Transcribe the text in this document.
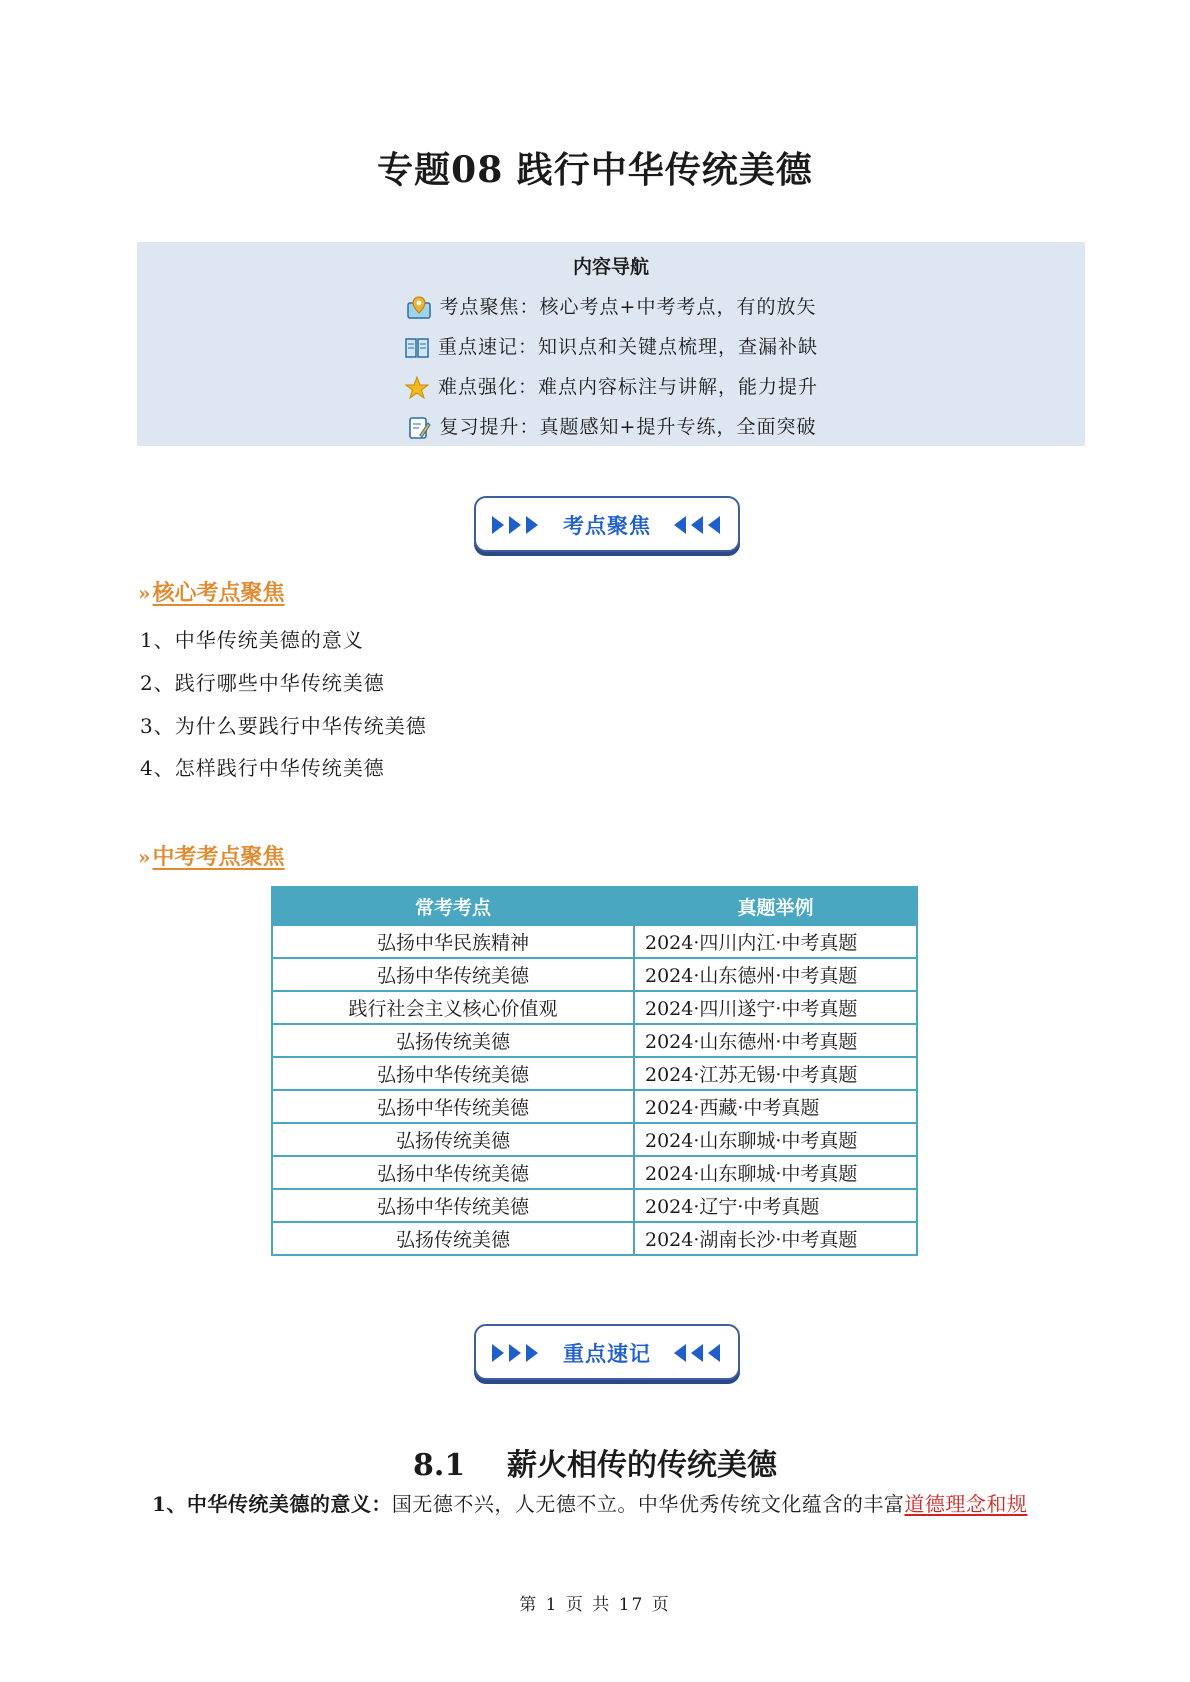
专题08 践行中华传统美德
内容导航
考点聚焦：核心考点+中考考点，有的放矢
重点速记：知识点和关键点梳理，查漏补缺
难点强化：难点内容标注与讲解，能力提升
复习提升：真题感知+提升专练，全面突破
考点聚焦
»核心考点聚焦
1、中华传统美德的意义
2、践行哪些中华传统美德
3、为什么要践行中华传统美德
4、怎样践行中华传统美德
»中考考点聚焦
常考考点	真题举例
弘扬中华民族精神	2024·四川内江·中考真题
弘扬中华传统美德	2024·山东德州·中考真题
践行社会主义核心价值观	2024·四川遂宁·中考真题
弘扬传统美德	2024·山东德州·中考真题
弘扬中华传统美德	2024·江苏无锡·中考真题
弘扬中华传统美德	2024·西藏·中考真题
弘扬传统美德	2024·山东聊城·中考真题
弘扬中华传统美德	2024·山东聊城·中考真题
弘扬中华传统美德	2024·辽宁·中考真题
弘扬传统美德	2024·湖南长沙·中考真题
重点速记
8.1    薪火相传的传统美德
1、中华传统美德的意义：国无德不兴，人无德不立。中华优秀传统文化蕴含的丰富道德理念和规
第 1 页 共 17 页
